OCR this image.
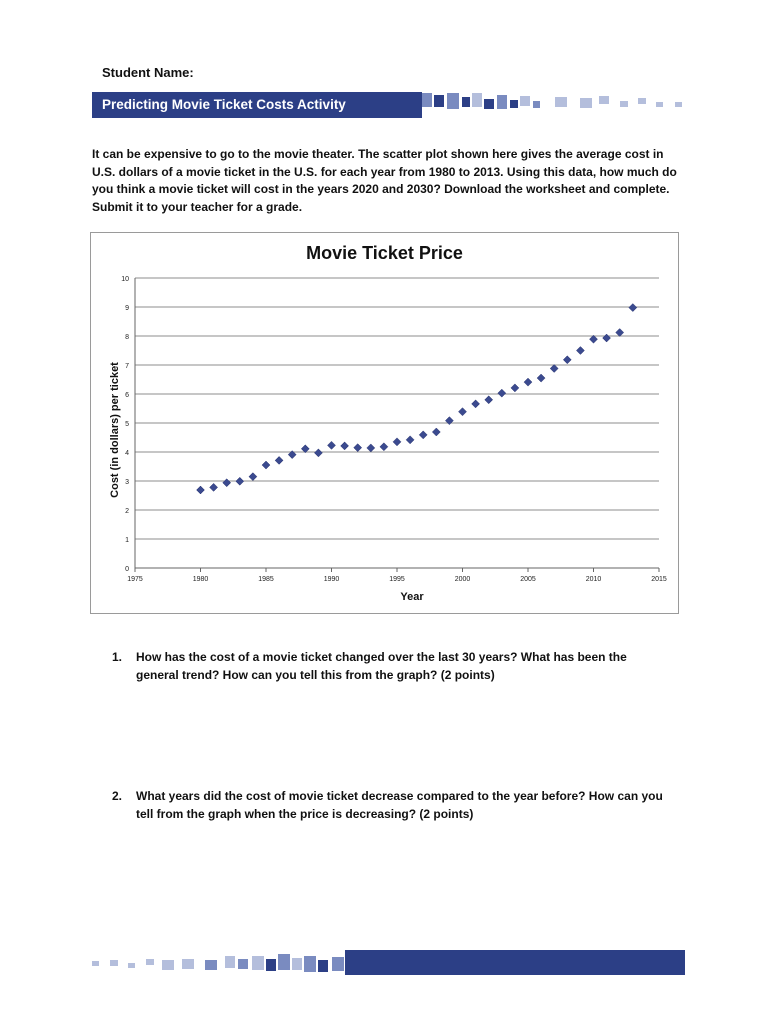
Student Name:
Predicting Movie Ticket Costs Activity
It can be expensive to go to the movie theater. The scatter plot shown here gives the average cost in U.S. dollars of a movie ticket in the U.S. for each year from 1980 to 2013. Using this data, how much do you think a movie ticket will cost in the years 2020 and 2030? Download the worksheet and complete. Submit it to your teacher for a grade.
Movie Ticket Price
0
1
2
3
4
5
6
7
8
9
10
1975	1980	1985	1990	1995	2000	2005	2010	2015
Year
Cost (in dollars) per ticket
1. How has the cost of a movie ticket changed over the last 30 years? What has been the general trend? How can you tell this from the graph? (2 points)
2. What years did the cost of movie ticket decrease compared to the year before? How can you tell from the graph when the price is decreasing? (2 points)
